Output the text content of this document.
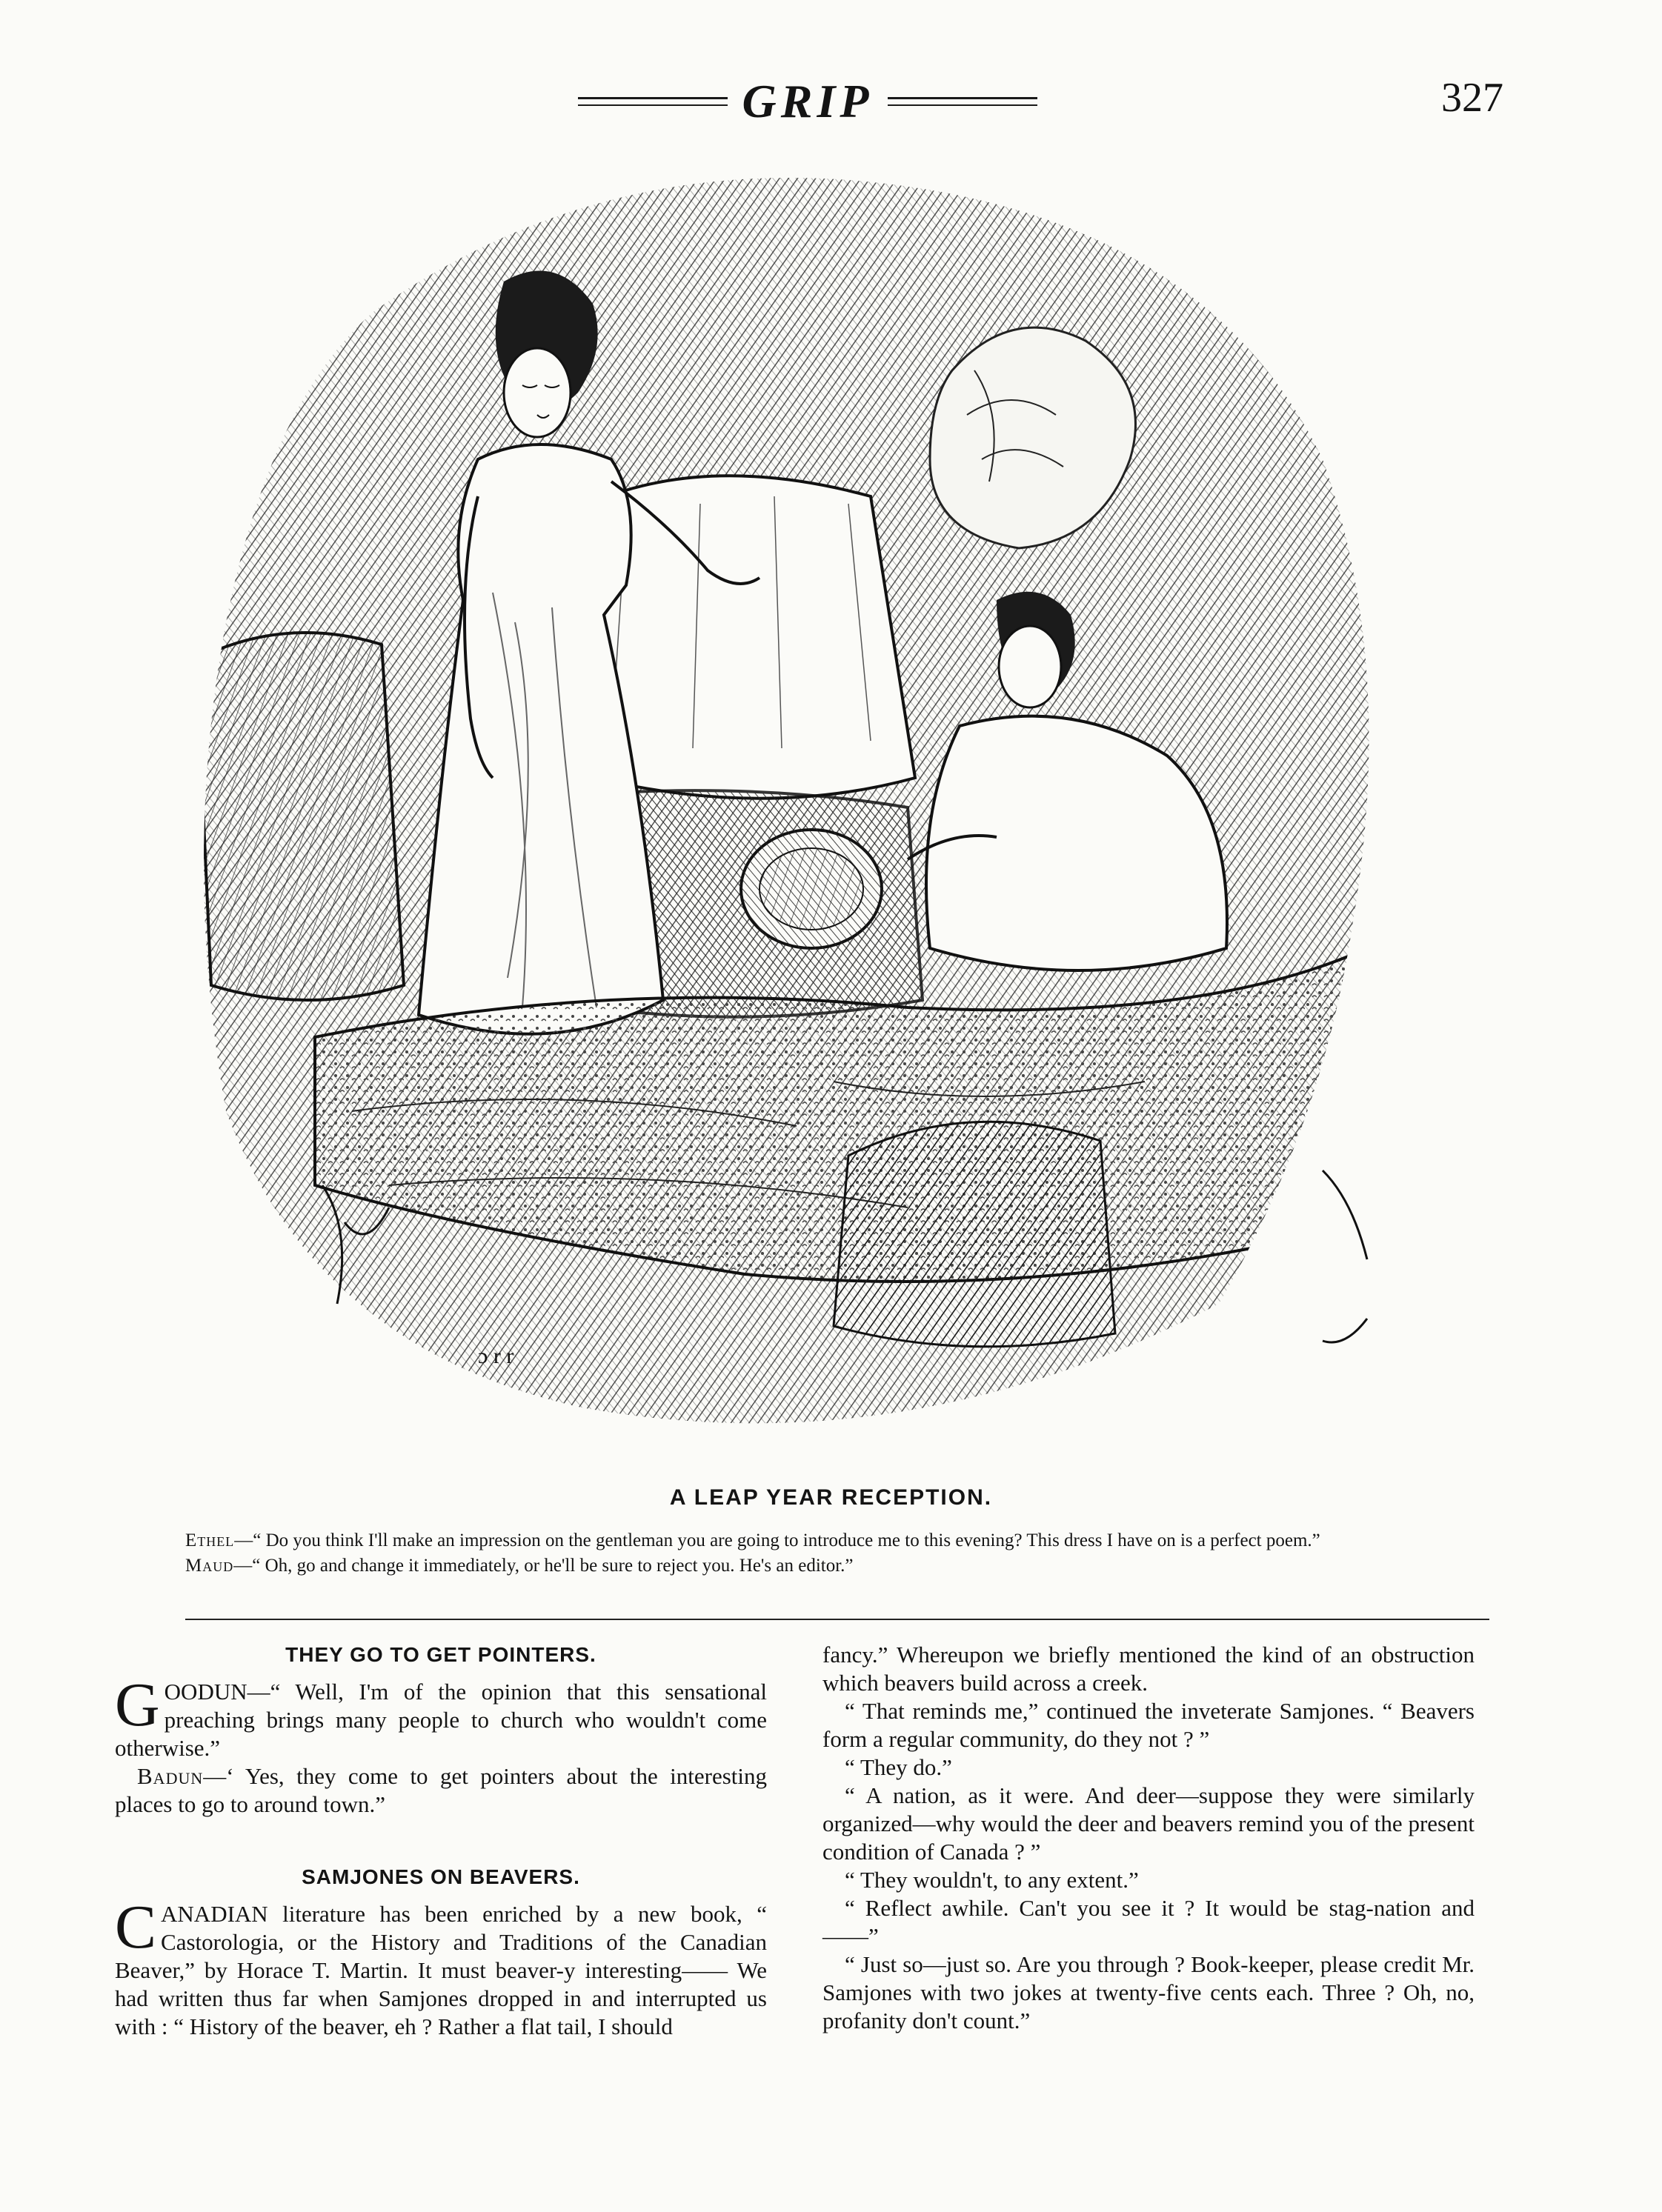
GRIP	327
ɔ r r
A LEAP YEAR RECEPTION.

Ethel—“ Do you think I'll make an impression on the gentleman you are going to introduce me to this evening? This dress I have on is a perfect poem.”

Maud—“ Oh, go and change it immediately, or he'll be sure to reject you. He's an editor.”

THEY GO TO GET POINTERS.

GOODUN—“ Well, I'm of the opinion that this sensational preaching brings many people to church who wouldn't come otherwise.”

Badun—‘ Yes, they come to get pointers about the interesting places to go to around town.”

SAMJONES ON BEAVERS.

CANADIAN literature has been enriched by a new book, “ Castorologia, or the History and Traditions of the Canadian Beaver,” by Horace T. Martin. It must beaver-y interesting—— We had written thus far when Samjones dropped in and interrupted us with : “ History of the beaver, eh ? Rather a flat tail, I should

fancy.” Whereupon we briefly mentioned the kind of an obstruction which beavers build across a creek.

“ That reminds me,” continued the inveterate Samjones. “ Beavers form a regular community, do they not ? ”

“ They do.”

“ A nation, as it were. And deer—suppose they were similarly organized—why would the deer and beavers remind you of the present condition of Canada ? ”

“ They wouldn't, to any extent.”

“ Reflect awhile. Can't you see it ? It would be stag-nation and——”

“ Just so—just so. Are you through ? Book-keeper, please credit Mr. Samjones with two jokes at twenty-five cents each. Three ? Oh, no, profanity don't count.”
